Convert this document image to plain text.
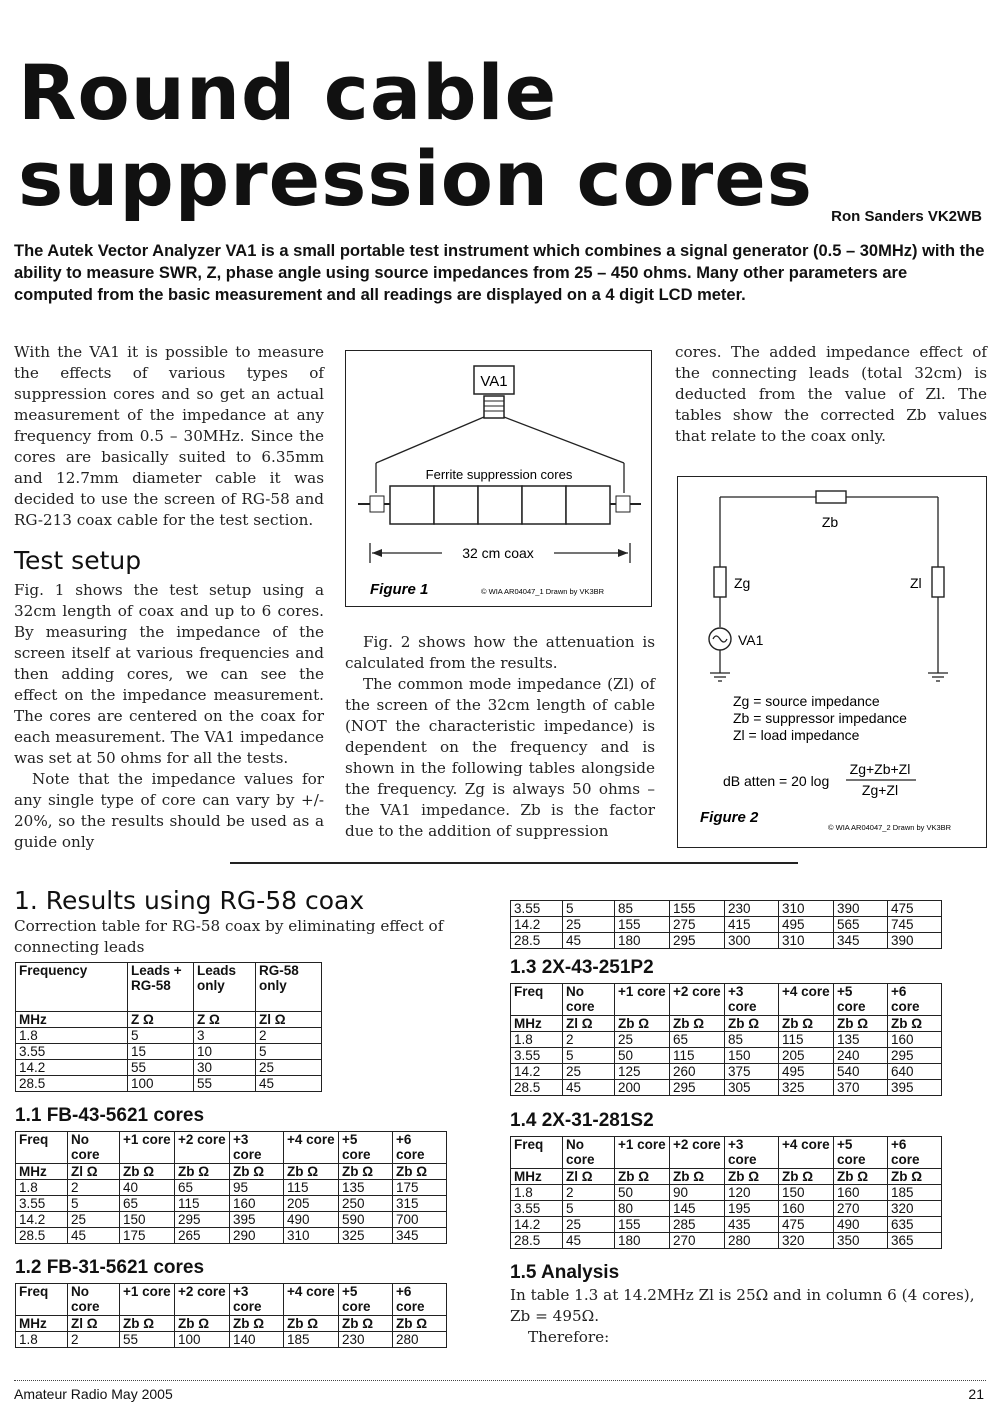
Round cable
suppression cores	Ron Sanders VK2WB

The Autek Vector Analyzer VA1 is a small portable test instrument which combines a signal generator (0.5 – 30MHz) with the ability to measure SWR, Z, phase angle using source impedances from 25 – 450 ohms. Many other parameters are computed from the basic measurement and all readings are displayed on a 4 digit LCD meter.

With the VA1 it is possible to measure the effects of various types of suppression cores and so get an actual measurement of the impedance at any frequency from 0.5 – 30MHz. Since the cores are basically suited to 6.35mm and 12.7mm diameter cable it was decided to use the screen of RG-58 and RG-213 coax cable for the test section.

Test setup

Fig. 1 shows the test setup using a 32cm length of coax and up to 6 cores. By measuring the impedance of the screen itself at various frequencies and then adding cores, we can see the effect on the impedance measurement. The cores are centered on the coax for each measurement. The VA1 impedance was set at 50 ohms for all the tests.

Note that the impedance values for any single type of core can vary by +/- 20%, so the results should be used as a guide only

VA1
Ferrite suppression cores
32 cm coax
Figure 1	© WIA AR04047_1 Drawn by VK3BR

Fig. 2 shows how the attenuation is calculated from the results.

The common mode impedance (Zl) of the screen of the 32cm length of cable (NOT the characteristic impedance) is dependent on the frequency and is shown in the following tables alongside the frequency. Zg is always 50 ohms – the VA1 impedance. Zb is the factor due to the addition of suppression

cores. The added impedance effect of the connecting leads (total 32cm) is deducted from the value of Zl. The tables show the corrected Zb values that relate to the coax only.

Zb
Zg
VA1
Zl
Zg = source impedance
Zb = suppressor impedance
Zl = load impedance
dB atten = 20 log
Zg+Zb+Zl
Zg+Zl
Figure 2
© WIA AR04047_2 Drawn by VK3BR
1. Results using RG-58 coax

Correction table for RG-58 coax by eliminating effect of connecting leads

Frequency	Leads + RG-58	Leads only	RG-58 only
MHz	Z Ω	Z Ω	Zl Ω
1.8	5	3	2
3.55	15	10	5
14.2	55	30	25
28.5	100	55	45
1.1 FB-43-5621 cores
Freq	No core	+1 core	+2 core	+3 core	+4 core	+5 core	+6 core
MHz	Zl Ω	Zb Ω	Zb Ω	Zb Ω	Zb Ω	Zb Ω	Zb Ω
1.8	2	40	65	95	115	135	175
3.55	5	65	115	160	205	250	315
14.2	25	150	295	395	490	590	700
28.5	45	175	265	290	310	325	345
1.2 FB-31-5621 cores
Freq	No core	+1 core	+2 core	+3 core	+4 core	+5 core	+6 core
MHz	Zl Ω	Zb Ω	Zb Ω	Zb Ω	Zb Ω	Zb Ω	Zb Ω
1.8	2	55	100	140	185	230	280
3.55	5	85	155	230	310	390	475
14.2	25	155	275	415	495	565	745
28.5	45	180	295	300	310	345	390
1.3 2X-43-251P2
Freq	No core	+1 core	+2 core	+3 core	+4 core	+5 core	+6 core
MHz	Zl Ω	Zb Ω	Zb Ω	Zb Ω	Zb Ω	Zb Ω	Zb Ω
1.8	2	25	65	85	115	135	160
3.55	5	50	115	150	205	240	295
14.2	25	125	260	375	495	540	640
28.5	45	200	295	305	325	370	395
1.4 2X-31-281S2
Freq	No core	+1 core	+2 core	+3 core	+4 core	+5 core	+6 core
MHz	Zl Ω	Zb Ω	Zb Ω	Zb Ω	Zb Ω	Zb Ω	Zb Ω
1.8	2	50	90	120	150	160	185
3.55	5	80	145	195	160	270	320
14.2	25	155	285	435	475	490	635
28.5	45	180	270	280	320	350	365
1.5 Analysis

In table 1.3 at 14.2MHz Zl is 25Ω and in column 6 (4 cores), Zb = 495Ω.

Therefore:

Amateur Radio May 2005	21
